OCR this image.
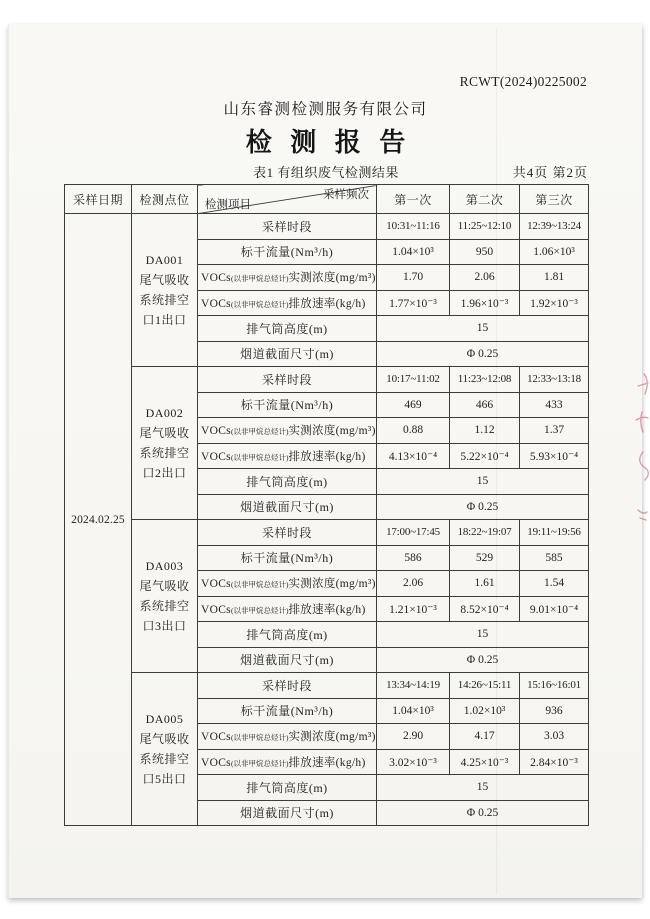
RCWT(2024)0225002
山东睿测检测服务有限公司
检 测 报 告
表1 有组织废气检测结果	共4页 第2页
采样日期	检测点位	采样频次
检测项目	第一次	第二次	第三次
2024.02.25	DA001
尾气吸收
系统排空
口1出口	采样时段	10:31~11:16	11:25~12:10	12:39~13:24
		标干流量(Nm³/h)	1.04×10³	950	1.06×10³
		VOCs(以非甲烷总烃计)实测浓度(mg/m³)	1.70	2.06	1.81
		VOCs(以非甲烷总烃计)排放速率(kg/h)	1.77×10⁻³	1.96×10⁻³	1.92×10⁻³
		排气筒高度(m)	15		
		烟道截面尺寸(m)	Φ 0.25		

	DA002
尾气吸收
系统排空
口2出口	采样时段	10:17~11:02	11:23~12:08	12:33~13:18
		标干流量(Nm³/h)	469	466	433
		VOCs(以非甲烷总烃计)实测浓度(mg/m³)	0.88	1.12	1.37
		VOCs(以非甲烷总烃计)排放速率(kg/h)	4.13×10⁻⁴	5.22×10⁻⁴	5.93×10⁻⁴
		排气筒高度(m)	15		
		烟道截面尺寸(m)	Φ 0.25		

	DA003
尾气吸收
系统排空
口3出口	采样时段	17:00~17:45	18:22~19:07	19:11~19:56
		标干流量(Nm³/h)	586	529	585
		VOCs(以非甲烷总烃计)实测浓度(mg/m³)	2.06	1.61	1.54
		VOCs(以非甲烷总烃计)排放速率(kg/h)	1.21×10⁻³	8.52×10⁻⁴	9.01×10⁻⁴
		排气筒高度(m)	15		
		烟道截面尺寸(m)	Φ 0.25		

	DA005
尾气吸收
系统排空
口5出口	采样时段	13:34~14:19	14:26~15:11	15:16~16:01
		标干流量(Nm³/h)	1.04×10³	1.02×10³	936
		VOCs(以非甲烷总烃计)实测浓度(mg/m³)	2.90	4.17	3.03
		VOCs(以非甲烷总烃计)排放速率(kg/h)	3.02×10⁻³	4.25×10⁻³	2.84×10⁻³
		排气筒高度(m)	15		
		烟道截面尺寸(m)	Φ 0.25		
